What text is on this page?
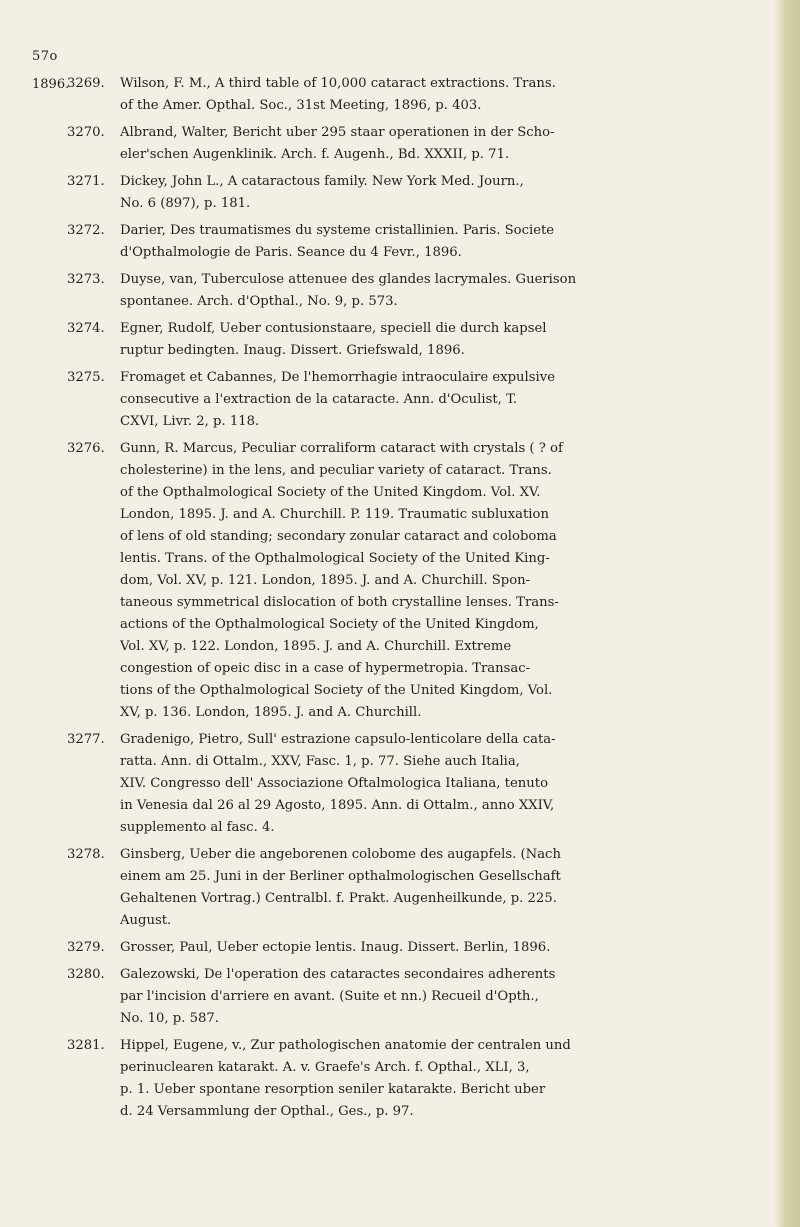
57o
1896.
3269.	Wilson, F. M., A third table of 10,000 cataract extractions. Trans.
of the Amer. Opthal. Soc., 31st Meeting, 1896, p. 403.
3270.	Albrand, Walter, Bericht uber 295 staar operationen in der Scho-
eler'schen Augenklinik. Arch. f. Augenh., Bd. XXXII, p. 71.
3271.	Dickey, John L., A cataractous family. New York Med. Journ.,
No. 6 (897), p. 181.
3272.	Darier, Des traumatismes du systeme cristallinien. Paris. Societe
d'Opthalmologie de Paris. Seance du 4 Fevr., 1896.
3273.	Duyse, van, Tuberculose attenuee des glandes lacrymales. Guerison
spontanee. Arch. d'Opthal., No. 9, p. 573.
3274.	Egner, Rudolf, Ueber contusionstaare, speciell die durch kapsel
ruptur bedingten. Inaug. Dissert. Griefswald, 1896.
3275.	Fromaget et Cabannes, De l'hemorrhagie intraoculaire expulsive
consecutive a l'extraction de la cataracte. Ann. d'Oculist, T.
CXVI, Livr. 2, p. 118.
3276.	Gunn, R. Marcus, Peculiar corraliform cataract with crystals ( ? of
cholesterine) in the lens, and peculiar variety of cataract. Trans.
of the Opthalmological Society of the United Kingdom. Vol. XV.
London, 1895. J. and A. Churchill. P. 119. Traumatic subluxation
of lens of old standing; secondary zonular cataract and coloboma
lentis. Trans. of the Opthalmological Society of the United King-
dom, Vol. XV, p. 121. London, 1895. J. and A. Churchill. Spon-
taneous symmetrical dislocation of both crystalline lenses. Trans-
actions of the Opthalmological Society of the United Kingdom,
Vol. XV, p. 122. London, 1895. J. and A. Churchill. Extreme
congestion of opeic disc in a case of hypermetropia. Transac-
tions of the Opthalmological Society of the United Kingdom, Vol.
XV, p. 136. London, 1895. J. and A. Churchill.
3277.	Gradenigo, Pietro, Sull' estrazione capsulo-lenticolare della cata-
ratta. Ann. di Ottalm., XXV, Fasc. 1, p. 77. Siehe auch Italia,
XIV. Congresso dell' Associazione Oftalmologica Italiana, tenuto
in Venesia dal 26 al 29 Agosto, 1895. Ann. di Ottalm., anno XXIV,
supplemento al fasc. 4.
3278.	Ginsberg, Ueber die angeborenen colobome des augapfels. (Nach
einem am 25. Juni in der Berliner opthalmologischen Gesellschaft
Gehaltenen Vortrag.) Centralbl. f. Prakt. Augenheilkunde, p. 225.
August.
3279.	Grosser, Paul, Ueber ectopie lentis. Inaug. Dissert. Berlin, 1896.
3280.	Galezowski, De l'operation des cataractes secondaires adherents
par l'incision d'arriere en avant. (Suite et nn.) Recueil d'Opth.,
No. 10, p. 587.
3281.	Hippel, Eugene, v., Zur pathologischen anatomie der centralen und
perinuclearen katarakt. A. v. Graefe's Arch. f. Opthal., XLI, 3,
p. 1. Ueber spontane resorption seniler katarakte. Bericht uber
d. 24 Versammlung der Opthal., Ges., p. 97.
